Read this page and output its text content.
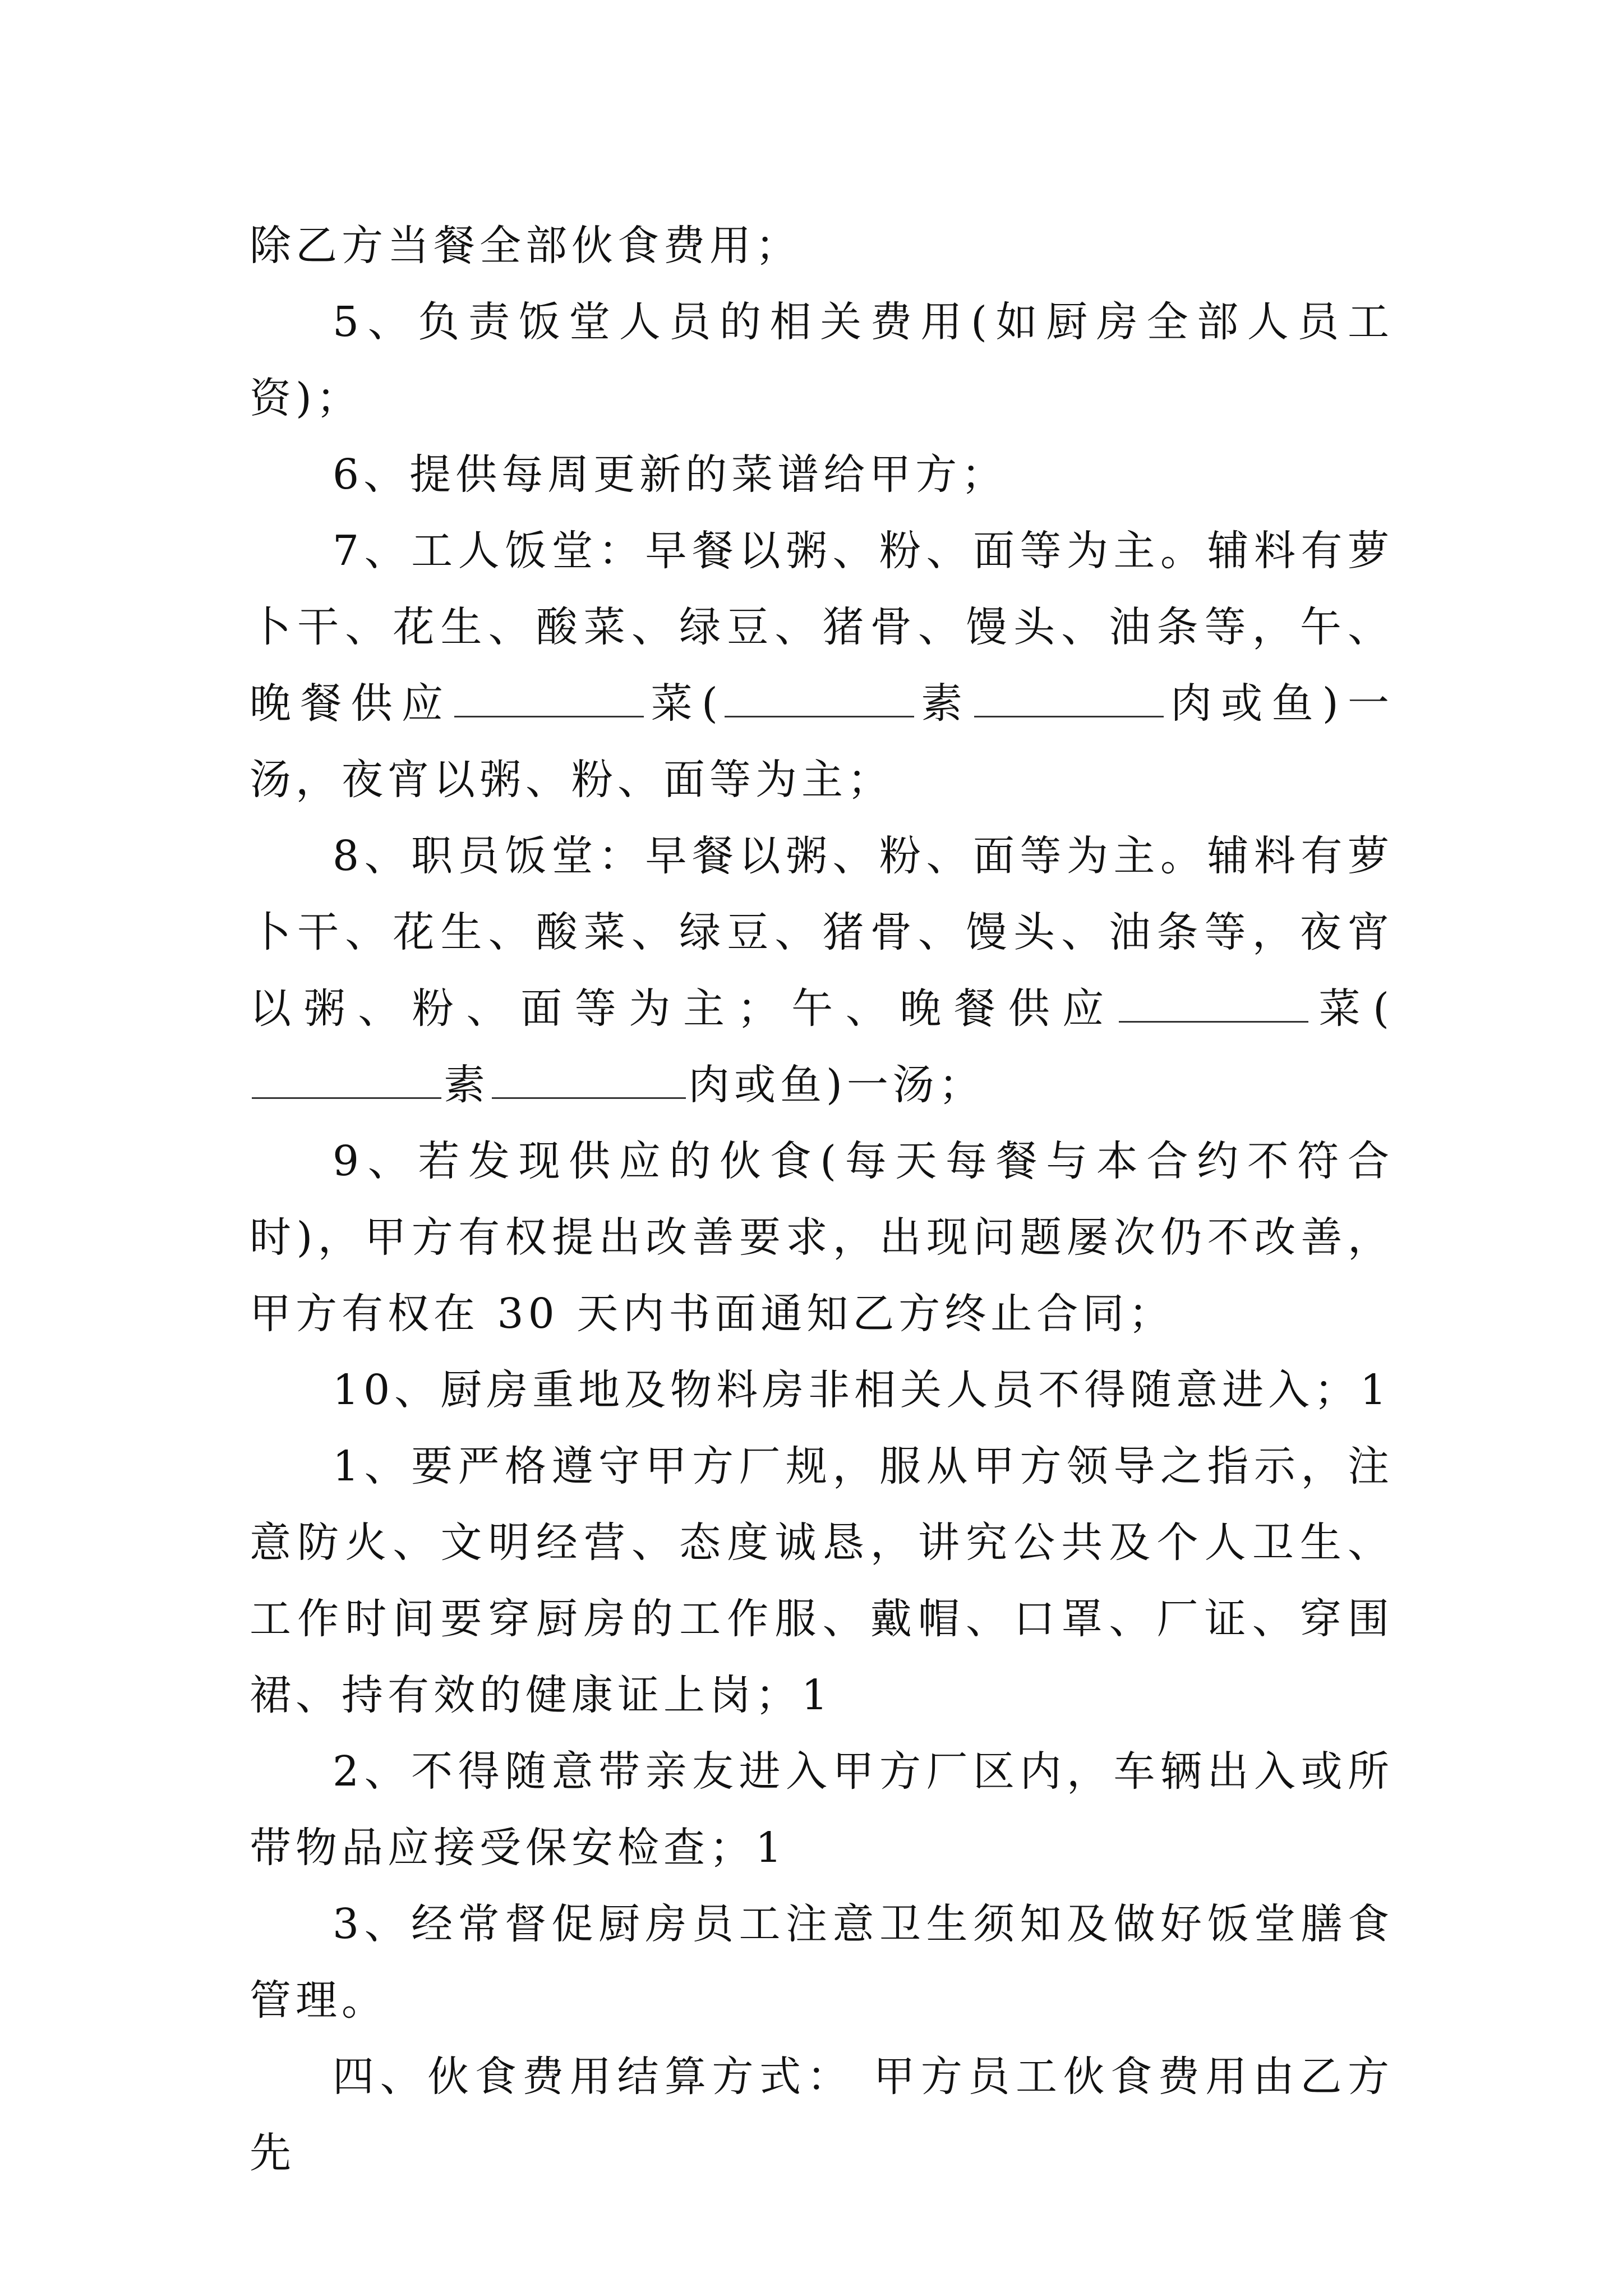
除乙方当餐全部伙食费用；

5、负责饭堂人员的相关费用(如厨房全部人员工资)；

6、提供每周更新的菜谱给甲方；

7、工人饭堂：早餐以粥、粉、面等为主。辅料有萝卜干、花生、酸菜、绿豆、猪骨、馒头、油条等，午、晚餐供应	菜(	素	肉或鱼)一汤，夜宵以粥、粉、面等为主；

8、职员饭堂：早餐以粥、粉、面等为主。辅料有萝卜干、花生、酸菜、绿豆、猪骨、馒头、油条等，夜宵以粥、粉、面等为主；午、晚餐供应	菜(素	肉或鱼)一汤；

9、若发现供应的伙食(每天每餐与本合约不符合时)，甲方有权提出改善要求，出现问题屡次仍不改善，甲方有权在 30 天内书面通知乙方终止合同；

10、厨房重地及物料房非相关人员不得随意进入；1

1、要严格遵守甲方厂规，服从甲方领导之指示，注意防火、文明经营、态度诚恳，讲究公共及个人卫生、工作时间要穿厨房的工作服、戴帽、口罩、厂证、穿围裙、持有效的健康证上岗；1

2、不得随意带亲友进入甲方厂区内，车辆出入或所带物品应接受保安检查；1

3、经常督促厨房员工注意卫生须知及做好饭堂膳食管理。

四、伙食费用结算方式： 甲方员工伙食费用由乙方先
